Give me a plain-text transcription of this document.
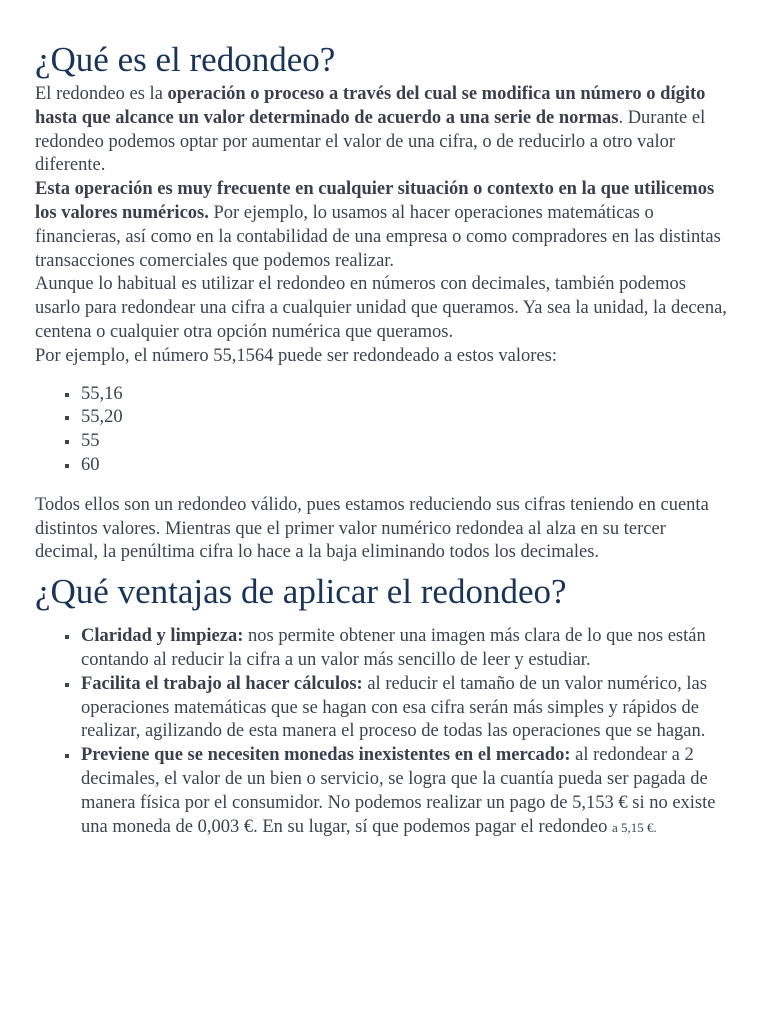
¿Qué es el redondeo?

El redondeo es la operación o proceso a través del cual se modifica un número o dígito hasta que alcance un valor determinado de acuerdo a una serie de normas. Durante el redondeo podemos optar por aumentar el valor de una cifra, o de reducirlo a otro valor diferente.

Esta operación es muy frecuente en cualquier situación o contexto en la que utilicemos los valores numéricos. Por ejemplo, lo usamos al hacer operaciones matemáticas o financieras, así como en la contabilidad de una empresa o como compradores en las distintas transacciones comerciales que podemos realizar.

Aunque lo habitual es utilizar el redondeo en números con decimales, también podemos usarlo para redondear una cifra a cualquier unidad que queramos. Ya sea la unidad, la decena, centena o cualquier otra opción numérica que queramos.

Por ejemplo, el número 55,1564 puede ser redondeado a estos valores:

55,16
55,20
55
60

Todos ellos son un redondeo válido, pues estamos reduciendo sus cifras teniendo en cuenta distintos valores. Mientras que el primer valor numérico redondea al alza en su tercer decimal, la penúltima cifra lo hace a la baja eliminando todos los decimales.

¿Qué ventajas de aplicar el redondeo?
Claridad y limpieza: nos permite obtener una imagen más clara de lo que nos están contando al reducir la cifra a un valor más sencillo de leer y estudiar.
Facilita el trabajo al hacer cálculos: al reducir el tamaño de un valor numérico, las operaciones matemáticas que se hagan con esa cifra serán más simples y rápidos de realizar, agilizando de esta manera el proceso de todas las operaciones que se hagan.
Previene que se necesiten monedas inexistentes en el mercado: al redondear a 2 decimales, el valor de un bien o servicio, se logra que la cuantía pueda ser pagada de manera física por el consumidor. No podemos realizar un pago de 5,153 € si no existe una moneda de 0,003 €. En su lugar, sí que podemos pagar el redondeo a 5,15 €.
